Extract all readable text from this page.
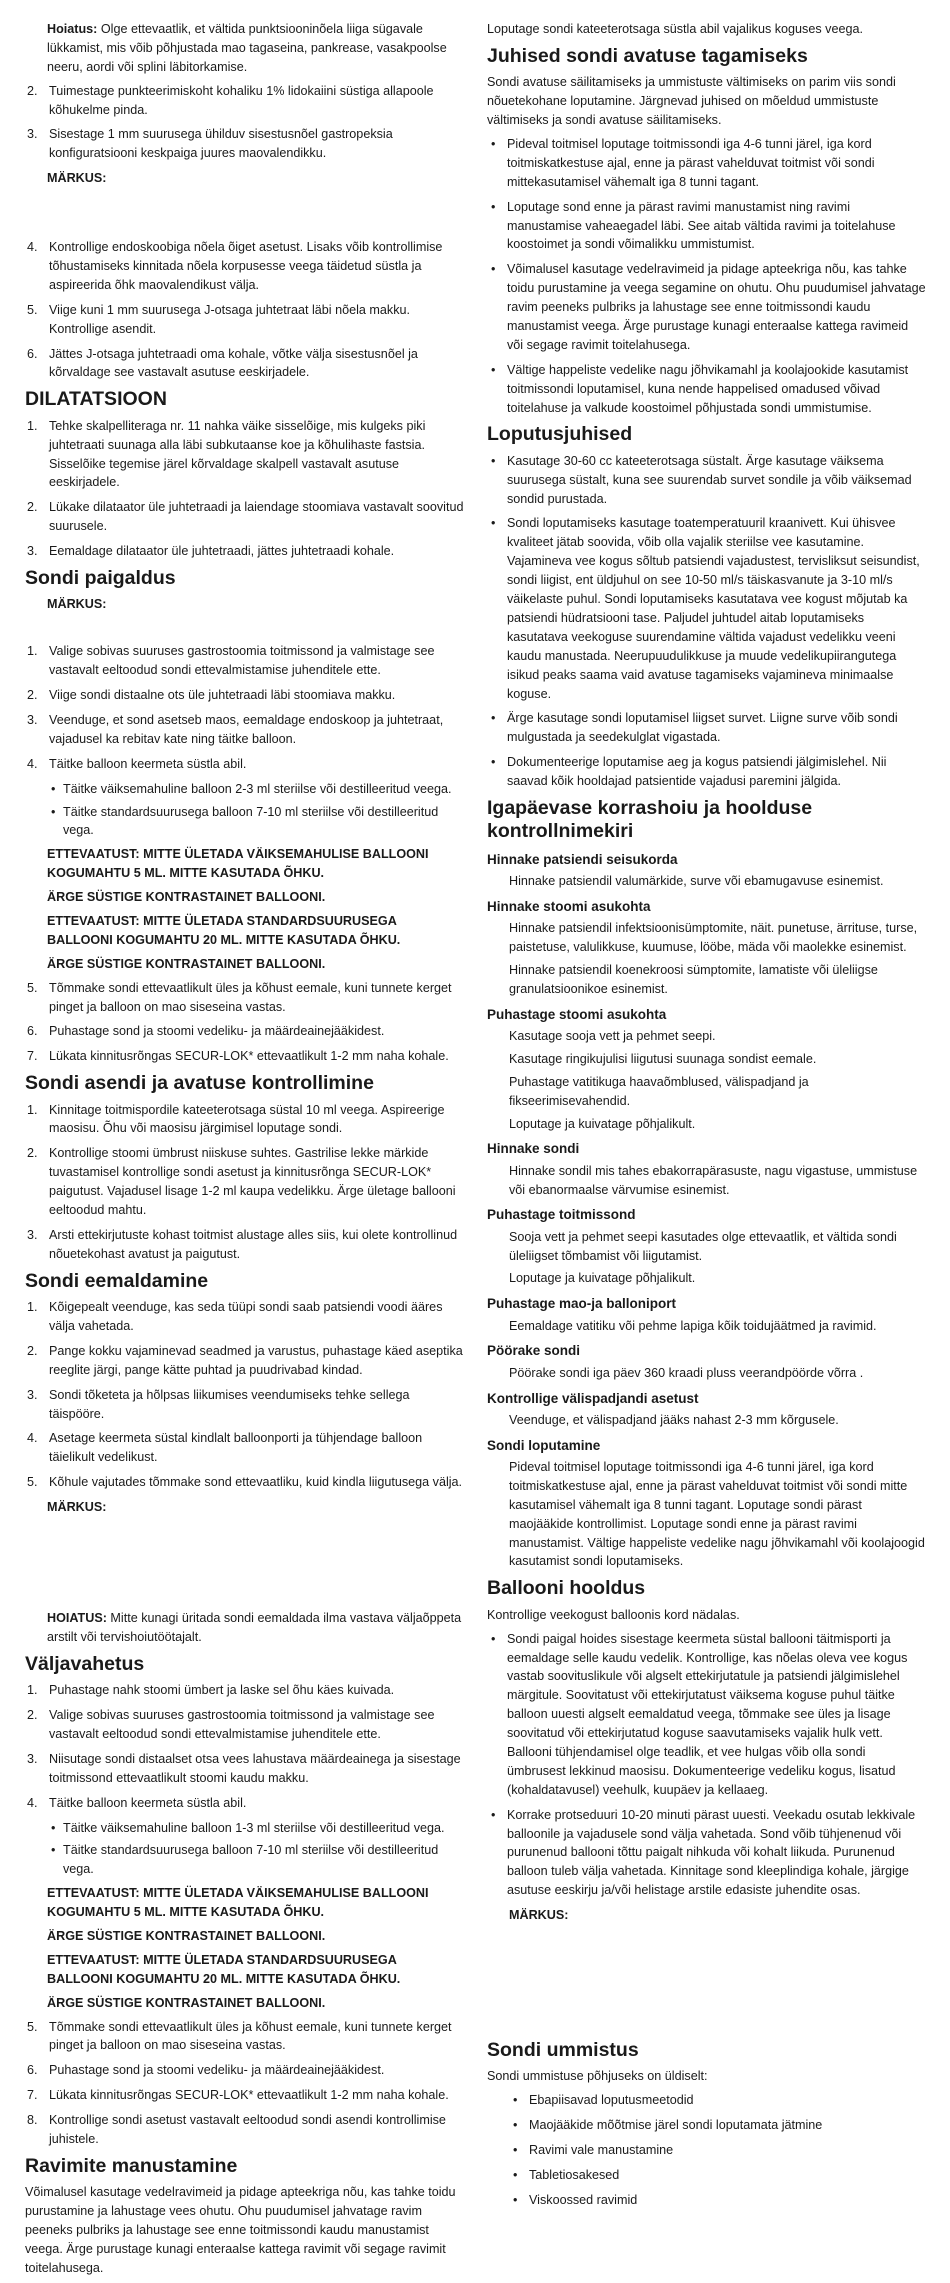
Hoiatus: Olge ettevaatlik, et vältida punktsiooninõela liiga sügavale lükkamist, mis võib põhjustada mao tagaseina, pankrease, vasakpoolse neeru, aordi või splini läbitorkamise.

2. Tuimestage punkteerimiskoht kohaliku 1% lidokaiini süstiga allapoole kõhukelme pinda.
3. Sisestage 1 mm suurusega ühilduv sisestusnõel gastropeksia konfiguratsiooni keskpaiga juures maovalendikku.
MÄRKUS:
4. Kontrollige endoskoobiga nõela õiget asetust. Lisaks võib kontrollimise tõhustamiseks kinnitada nõela korpusesse veega täidetud süstla ja aspireerida õhk maovalendikust välja.
5. Viige kuni 1 mm suurusega J-otsaga juhtetraat läbi nõela makku. Kontrollige asendit.
6. Jättes J-otsaga juhtetraadi oma kohale, võtke välja sisestusnõel ja kõrvaldage see vastavalt asutuse eeskirjadele.
DILATATSIOON
1. Tehke skalpelliteraga nr. 11 nahka väike sisselõige, mis kulgeks piki juhtetraati suunaga alla läbi subkutaanse koe ja kõhulihaste fastsia. Sisselõike tegemise järel kõrvaldage skalpell vastavalt asutuse eeskirjadele.
2. Lükake dilataator üle juhtetraadi ja laiendage stoomiava vastavalt soovitud suurusele.
3. Eemaldage dilataator üle juhtetraadi, jättes juhtetraadi kohale.
Sondi paigaldus
MÄRKUS:
1. Valige sobivas suuruses gastrostoomia toitmissond ja valmistage see vastavalt eeltoodud sondi ettevalmistamise juhenditele ette.
2. Viige sondi distaalne ots üle juhtetraadi läbi stoomiava makku.
3. Veenduge, et sond asetseb maos, eemaldage endoskoop ja juhtetraat, vajadusel ka rebitav kate ning täitke balloon.
4. Täitke balloon keermeta süstla abil.
• Täitke väiksemahuline balloon 2-3 ml steriilse või destilleeritud veega.
• Täitke standardsuurusega balloon 7-10 ml steriilse või destilleeritud vega.

ETTEVAATUST: MITTE ÜLETADA VÄIKSEMAHULISE BALLOONI KOGUMAHTU 5 ML. MITTE KASUTADA ÕHKU.

ÄRGE SÜSTIGE KONTRASTAINET BALLOONI.

ETTEVAATUST: MITTE ÜLETADA STANDARDSUURUSEGA BALLOONI KOGUMAHTU 20 ML. MITTE KASUTADA ÕHKU.

ÄRGE SÜSTIGE KONTRASTAINET BALLOONI.

5. Tõmmake sondi ettevaatlikult üles ja kõhust eemale, kuni tunnete kerget pinget ja balloon on mao siseseina vastas.
6. Puhastage sond ja stoomi vedeliku- ja määrdeainejääkidest.
7. Lükata kinnitusrõngas SECUR-LOK* ettevaatlikult 1-2 mm naha kohale.
Sondi asendi ja avatuse kontrollimine
1. Kinnitage toitmispordile kateeterotsaga süstal 10 ml veega. Aspireerige maosisu. Õhu või maosisu järgimisel loputage sondi.
2. Kontrollige stoomi ümbrust niiskuse suhtes. Gastrilise lekke märkide tuvastamisel kontrollige sondi asetust ja kinnitusrõnga SECUR-LOK* paigutust. Vajadusel lisage 1-2 ml kaupa vedelikku. Ärge ületage ballooni eeltoodud mahtu.
3. Arsti ettekirjutuste kohast toitmist alustage alles siis, kui olete kontrollinud nõuetekohast avatust ja paigutust.
Sondi eemaldamine
1. Kõigepealt veenduge, kas seda tüüpi sondi saab patsiendi voodi ääres välja vahetada.
2. Pange kokku vajaminevad seadmed ja varustus, puhastage käed aseptika reeglite järgi, pange kätte puhtad ja puudrivabad kindad.
3. Sondi tõketeta ja hõlpsas liikumises veendumiseks tehke sellega täispööre.
4. Asetage keermeta süstal kindlalt balloonporti ja tühjendage balloon täielikult vedelikust.
5. Kõhule vajutades tõmmake sond ettevaatliku, kuid kindla liigutusega välja.
MÄRKUS:

HOIATUS: Mitte kunagi üritada sondi eemaldada ilma vastava väljaõppeta arstilt või tervishoiutöötajalt.

Väljavahetus
1. Puhastage nahk stoomi ümbert ja laske sel õhu käes kuivada.
2. Valige sobivas suuruses gastrostoomia toitmissond ja valmistage see vastavalt eeltoodud sondi ettevalmistamise juhenditele ette.
3. Niisutage sondi distaalset otsa vees lahustava määrdeainega ja sisestage toitmissond ettevaatlikult stoomi kaudu makku.
4. Täitke balloon keermeta süstla abil.
• Täitke väiksemahuline balloon 1-3 ml steriilse või destilleeritud vega.
• Täitke standardsuurusega balloon 7-10 ml steriilse või destilleeritud vega.

ETTEVAATUST: MITTE ÜLETADA VÄIKSEMAHULISE BALLOONI KOGUMAHTU 5 ML. MITTE KASUTADA ÕHKU.

ÄRGE SÜSTIGE KONTRASTAINET BALLOONI.

ETTEVAATUST: MITTE ÜLETADA STANDARDSUURUSEGA BALLOONI KOGUMAHTU 20 ML. MITTE KASUTADA ÕHKU.

ÄRGE SÜSTIGE KONTRASTAINET BALLOONI.

5. Tõmmake sondi ettevaatlikult üles ja kõhust eemale, kuni tunnete kerget pinget ja balloon on mao siseseina vastas.
6. Puhastage sond ja stoomi vedeliku- ja määrdeainejääkidest.
7. Lükata kinnitusrõngas SECUR-LOK* ettevaatlikult 1-2 mm naha kohale.
8. Kontrollige sondi asetust vastavalt eeltoodud sondi asendi kontrollimise juhistele.
Ravimite manustamine

Võimalusel kasutage vedelravimeid ja pidage apteekriga nõu, kas tahke toidu purustamine ja lahustage vees ohutu. Ohu puudumisel jahvatage ravim peeneks pulbriks ja lahustage see enne toitmissondi kaudu manustamist veega. Ärge purustage kunagi enteraalse kattega ravimit või segage ravimit toitelahusega.

Loputage sondi kateeterotsaga süstla abil vajalikus koguses veega.

Juhised sondi avatuse tagamiseks

Sondi avatuse säilitamiseks ja ummistuste vältimiseks on parim viis sondi nõuetekohane loputamine. Järgnevad juhised on mõeldud ummistuste vältimiseks ja sondi avatuse säilitamiseks.

• Pideval toitmisel loputage toitmissondi iga 4-6 tunni järel, iga kord toitmiskatkestuse ajal, enne ja pärast vahelduvat toitmist või sondi mittekasutamisel vähemalt iga 8 tunni tagant.
• Loputage sond enne ja pärast ravimi manustamist ning ravimi manustamise vaheaegadel läbi. See aitab vältida ravimi ja toitelahuse koostoimet ja sondi võimalikku ummistumist.
• Võimalusel kasutage vedelravimeid ja pidage apteekriga nõu, kas tahke toidu purustamine ja veega segamine on ohutu. Ohu puudumisel jahvatage ravim peeneks pulbriks ja lahustage see enne toitmissondi kaudu manustamist veega. Ärge purustage kunagi enteraalse kattega ravimeid või segage ravimit toitelahusega.
• Vältige happeliste vedelike nagu jõhvikamahl ja koolajookide kasutamist toitmissondi loputamisel, kuna nende happelised omadused võivad toitelahuse ja valkude koostoimel põhjustada sondi ummistumise.
Loputusjuhised
• Kasutage 30-60 cc kateeterotsaga süstalt. Ärge kasutage väiksema suurusega süstalt, kuna see suurendab survet sondile ja võib väiksemad sondid purustada.
• Sondi loputamiseks kasutage toatemperatuuril kraanivett. Kui ühisvee kvaliteet jätab soovida, võib olla vajalik steriilse vee kasutamine. Vajamineva vee kogus sõltub patsiendi vajadustest, tervisliksut seisundist, sondi liigist, ent üldjuhul on see 10-50 ml/s täiskasvanute ja 3-10 ml/s väikelaste puhul. Sondi loputamiseks kasutatava vee kogust mõjutab ka patsiendi hüdratsiooni tase. Paljudel juhtudel aitab loputamiseks kasutatava veekoguse suurendamine vältida vajadust vedelikku veeni kaudu manustada. Neerupuudulikkuse ja muude vedelikupiirangutega isikud peaks saama vaid avatuse tagamiseks vajamineva minimaalse koguse.
• Ärge kasutage sondi loputamisel liigset survet. Liigne surve võib sondi mulgustada ja seedekulglat vigastada.
• Dokumenteerige loputamise aeg ja kogus patsiendi jälgimislehel. Nii saavad kõik hooldajad patsientide vajadusi paremini jälgida.
Igapäevase korrashoiu ja hoolduse kontrollnimekiri
Hinnake patsiendi seisukorda

Hinnake patsiendil valumärkide, surve või ebamugavuse esinemist.

Hinnake stoomi asukohta

Hinnake patsiendil infektsioonisümptomite, näit. punetuse, ärrituse, turse, paistetuse, valulikkuse, kuumuse, lööbe, mäda või maolekke esinemist.

Hinnake patsiendil koenekroosi sümptomite, lamatiste või üleliigse granulatsioonikoe esinemist.

Puhastage stoomi asukohta

Kasutage sooja vett ja pehmet seepi.

Kasutage ringikujulisi liigutusi suunaga sondist eemale.

Puhastage vatitikuga haavaõmblused, välispadjand ja fikseerimisevahendid.

Loputage ja kuivatage põhjalikult.

Hinnake sondi

Hinnake sondil mis tahes ebakorrapärasuste, nagu vigastuse, ummistuse või ebanormaalse värvumise esinemist.

Puhastage toitmissond

Sooja vett ja pehmet seepi kasutades olge ettevaatlik, et vältida sondi üleliigset tõmbamist või liigutamist.

Loputage ja kuivatage põhjalikult.

Puhastage mao-ja balloniport

Eemaldage vatitiku või pehme lapiga kõik toidujäätmed ja ravimid.

Pöörake sondi

Pöörake sondi iga päev 360 kraadi pluss veerandpöörde võrra .

Kontrollige välispadjandi asetust

Veenduge, et välispadjand jääks nahast 2-3 mm kõrgusele.

Sondi loputamine

Pideval toitmisel loputage toitmissondi iga 4-6 tunni järel, iga kord toitmiskatkestuse ajal, enne ja pärast vahelduvat toitmist või sondi mitte kasutamisel vähemalt iga 8 tunni tagant. Loputage sondi pärast maojääkide kontrollimist. Loputage sondi enne ja pärast ravimi manustamist. Vältige happeliste vedelike nagu jõhvikamahl või koolajoogid kasutamist sondi loputamiseks.

Ballooni hooldus

Kontrollige veekogust balloonis kord nädalas.

• Sondi paigal hoides sisestage keermeta süstal ballooni täitmisporti ja eemaldage selle kaudu vedelik. Kontrollige, kas nõelas oleva vee kogus vastab soovituslikule või algselt ettekirjutatule ja patsiendi jälgimislehel märgitule. Soovitatust või ettekirjutatust väiksema koguse puhul täitke balloon uuesti algselt eemaldatud veega, tõmmake see üles ja lisage soovitatud või ettekirjutatud koguse saavutamiseks vajalik hulk vett. Ballooni tühjendamisel olge teadlik, et vee hulgas võib olla sondi ümbrusest lekkinud maosisu. Dokumenteerige vedeliku kogus, lisatud (kohaldatavusel) veehulk, kuupäev ja kellaaeg.
• Korrake protseduuri 10-20 minuti pärast uuesti. Veekadu osutab lekkivale balloonile ja vajadusele sond välja vahetada. Sond võib tühjenenud või purunenud ballooni tõttu paigalt nihkuda või kohalt liikuda. Purunenud balloon tuleb välja vahetada. Kinnitage sond kleeplindiga kohale, järgige asutuse eeskirju ja/või helistage arstile edasiste juhendite osas.
MÄRKUS:
Sondi ummistus

Sondi ummistuse põhjuseks on üldiselt:

• Ebapiisavad loputusmeetodid
• Maojääkide mõõtmise järel sondi loputamata jätmine
• Ravimi vale manustamine
• Tabletiosakesed
• Viskoossed ravimid
